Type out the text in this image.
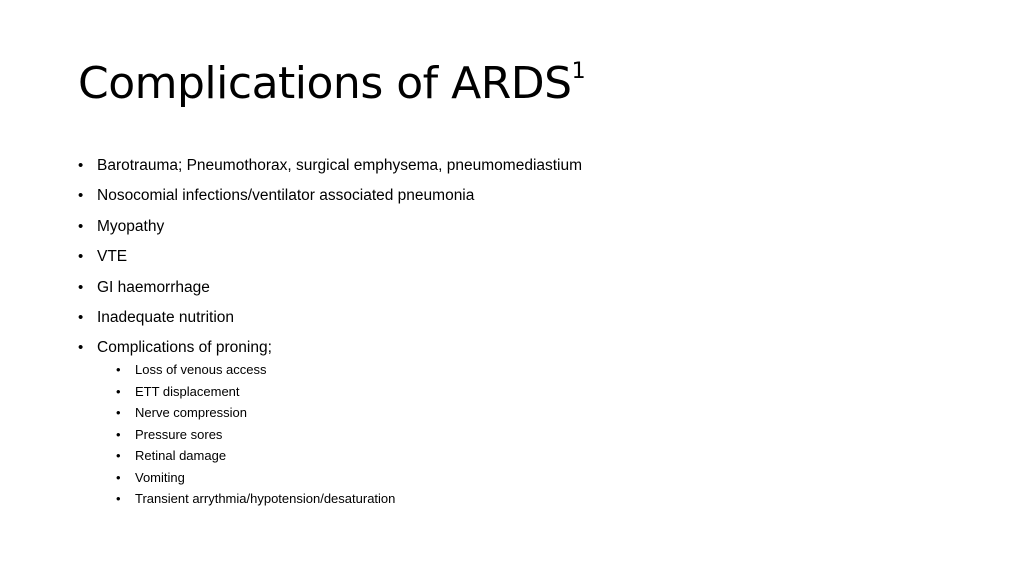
Complications of ARDS$^1$
• Barotrauma; Pneumothorax, surgical emphysema, pneumomediastium
• Nosocomial infections/ventilator associated pneumonia
• Myopathy
• VTE
• GI haemorrhage
• Inadequate nutrition
• Complications of proning;
• Loss of venous access
• ETT displacement
• Nerve compression
• Pressure sores
• Retinal damage
• Vomiting
• Transient arrythmia/hypotension/desaturation
